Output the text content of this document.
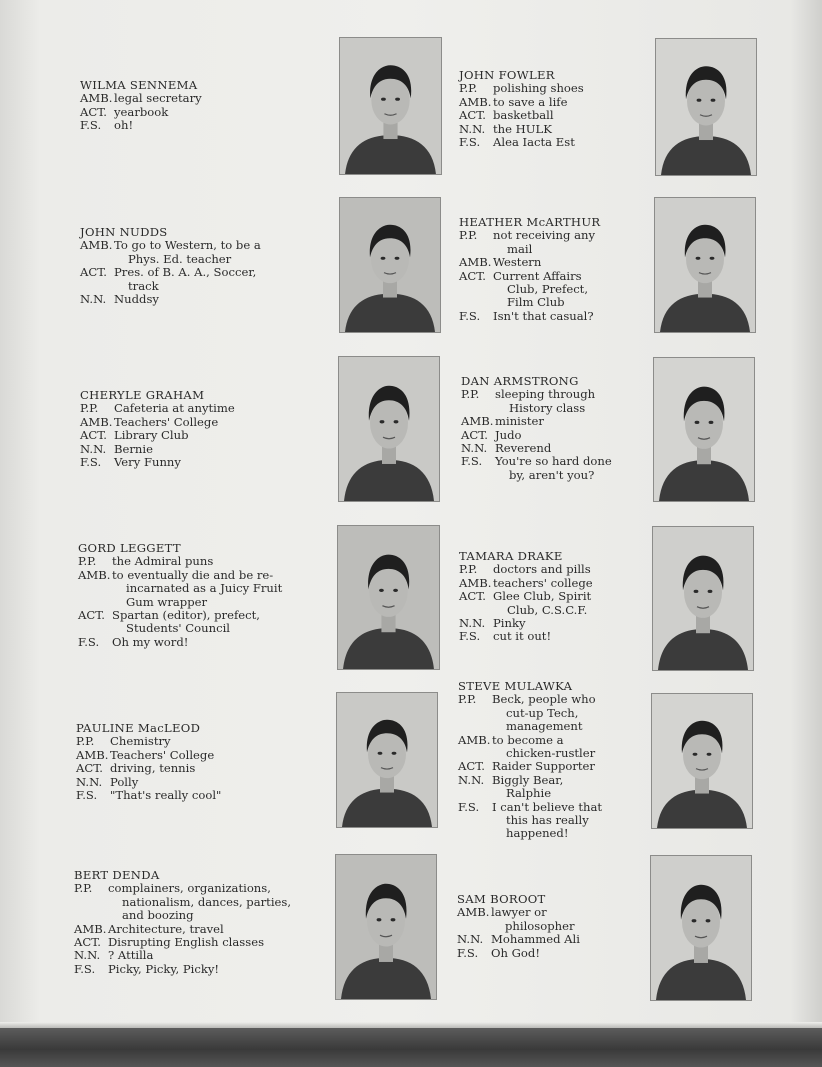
WILMA SENNEMA
AMB. legal secretary
ACT. yearbook
F.S.	oh!
JOHN FOWLER
P.P.	polishing shoes
AMB. to save a life
ACT. basketball
N.N. the HULK
F.S.	Alea Iacta Est
JOHN NUDDS
AMB. To go to Western, to be a
Phys. Ed. teacher
ACT. Pres. of B. A. A., Soccer,
track
N.N. Nuddsy
HEATHER McARTHUR
P.P.	not receiving any
mail
AMB. Western
ACT. Current Affairs
Club, Prefect,
Film Club
F.S.	Isn't that casual?
CHERYLE GRAHAM
P.P.	Cafeteria at anytime
AMB. Teachers' College
ACT. Library Club
N.N. Bernie
F.S.	Very Funny
DAN ARMSTRONG
P.P.	sleeping through
History class
AMB. minister
ACT. Judo
N.N. Reverend
F.S.	You're so hard done
by, aren't you?
GORD LEGGETT
P.P.	the Admiral puns
AMB. to eventually die and be re-
incarnated as a Juicy Fruit
Gum wrapper
ACT. Spartan (editor), prefect,
Students' Council
F.S.	Oh my word!
TAMARA DRAKE
P.P.	doctors and pills
AMB. teachers' college
ACT. Glee Club, Spirit
Club, C.S.C.F.
N.N. Pinky
F.S.	cut it out!
PAULINE MacLEOD
P.P.	Chemistry
AMB. Teachers' College
ACT. driving, tennis
N.N. Polly
F.S.	"That's really cool"
STEVE MULAWKA
P.P.	Beck, people who
cut-up Tech,
management
AMB. to become a
chicken-rustler
ACT. Raider Supporter
N.N. Biggly Bear,
Ralphie
F.S.	I can't believe that
this has really
happened!
BERT DENDA
P.P.	complainers, organizations,
nationalism, dances, parties,
and boozing
AMB. Architecture, travel
ACT. Disrupting English classes
N.N. ? Attilla
F.S.	Picky, Picky, Picky!
SAM BOROOT
AMB. lawyer or
philosopher
N.N. Mohammed Ali
F.S.	Oh God!
